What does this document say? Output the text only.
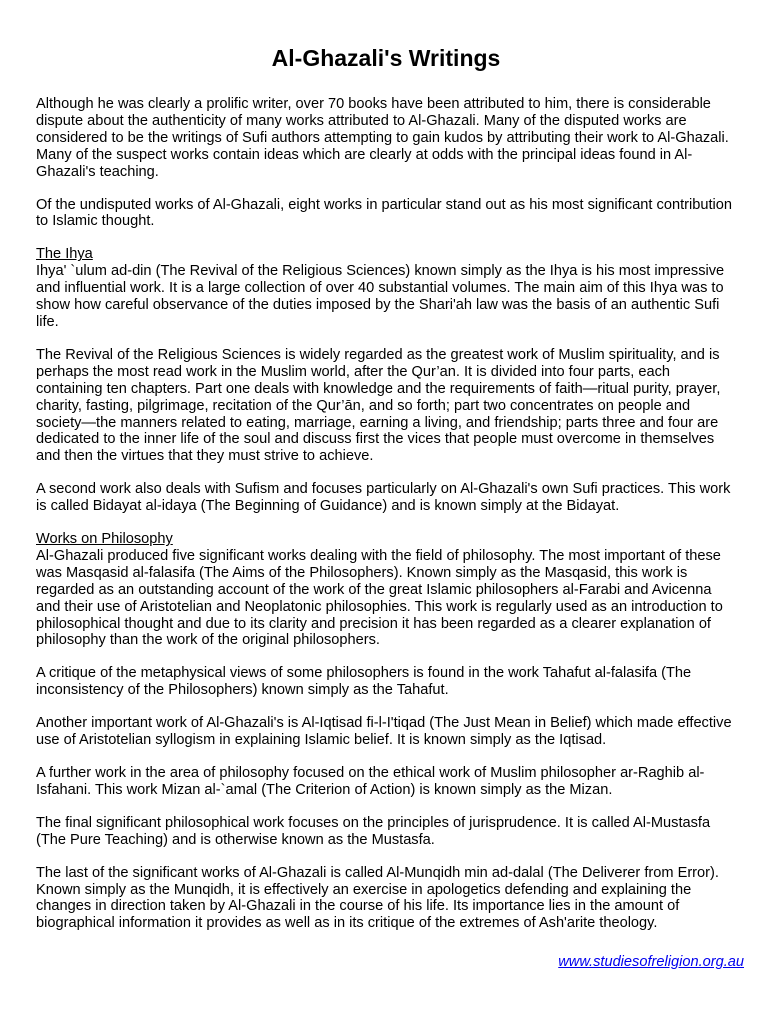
Al-Ghazali's Writings

Although he was clearly a prolific writer, over 70 books have been attributed to him, there is considerable dispute about the authenticity of many works attributed to Al-Ghazali. Many of the disputed works are considered to be the writings of Sufi authors attempting to gain kudos by attributing their work to Al-Ghazali. Many of the suspect works contain ideas which are clearly at odds with the principal ideas found in Al-Ghazali's teaching.

Of the undisputed works of Al-Ghazali, eight works in particular stand out as his most significant contribution to Islamic thought.

The Ihya
Ihya' `ulum ad-din (The Revival of the Religious Sciences) known simply as the Ihya is his most impressive and influential work. It is a large collection of over 40 substantial volumes. The main aim of this Ihya was to show how careful observance of the duties imposed by the Shari'ah law was the basis of an authentic Sufi life.

The Revival of the Religious Sciences is widely regarded as the greatest work of Muslim spirituality, and is perhaps the most read work in the Muslim world, after the Qur’an. It is divided into four parts, each containing ten chapters. Part one deals with knowledge and the requirements of faith—ritual purity, prayer, charity, fasting, pilgrimage, recitation of the Qur’ān, and so forth; part two concentrates on people and society—the manners related to eating, marriage, earning a living, and friendship; parts three and four are dedicated to the inner life of the soul and discuss first the vices that people must overcome in themselves and then the virtues that they must strive to achieve.

A second work also deals with Sufism and focuses particularly on Al-Ghazali's own Sufi practices. This work is called Bidayat al-idaya (The Beginning of Guidance) and is known simply at the Bidayat.

Works on Philosophy
Al-Ghazali produced five significant works dealing with the field of philosophy. The most important of these was Masqasid al-falasifa (The Aims of the Philosophers). Known simply as the Masqasid, this work is regarded as an outstanding account of the work of the great Islamic philosophers al-Farabi and Avicenna and their use of Aristotelian and Neoplatonic philosophies. This work is regularly used as an introduction to philosophical thought and due to its clarity and precision it has been regarded as a clearer explanation of philosophy than the work of the original philosophers.

A critique of the metaphysical views of some philosophers is found in the work Tahafut al-falasifa (The inconsistency of the Philosophers) known simply as the Tahafut.

Another important work of Al-Ghazali's is Al-Iqtisad fi-l-I'tiqad (The Just Mean in Belief) which made effective use of Aristotelian syllogism in explaining Islamic belief. It is known simply as the Iqtisad.

A further work in the area of philosophy focused on the ethical work of Muslim philosopher ar-Raghib al-Isfahani. This work Mizan al-`amal (The Criterion of Action) is known simply as the Mizan.

The final significant philosophical work focuses on the principles of jurisprudence. It is called Al-Mustasfa (The Pure Teaching) and is otherwise known as the Mustasfa.

The last of the significant works of Al-Ghazali is called Al-Munqidh min ad-dalal (The Deliverer from Error). Known simply as the Munqidh, it is effectively an exercise in apologetics defending and explaining the changes in direction taken by Al-Ghazali in the course of his life. Its importance lies in the amount of biographical information it provides as well as in its critique of the extremes of Ash'arite theology.

www.studiesofreligion.org.au
